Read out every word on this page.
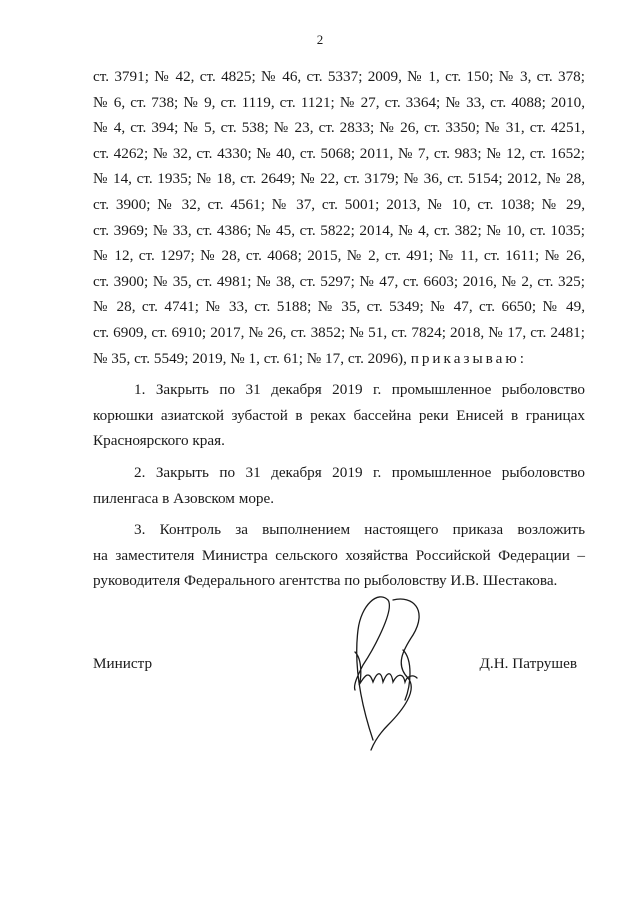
2
ст. 3791; № 42, ст. 4825; № 46, ст. 5337; 2009, № 1, ст. 150; № 3, ст. 378;
№ 6, ст. 738; № 9, ст. 1119, ст. 1121; № 27, ст. 3364; № 33, ст. 4088; 2010,
№ 4, ст. 394; № 5, ст. 538; № 23, ст. 2833; № 26, ст. 3350; № 31, ст. 4251,
ст. 4262; № 32, ст. 4330; № 40, ст. 5068; 2011, № 7, ст. 983; № 12, ст. 1652;
№ 14, ст. 1935; № 18, ст. 2649; № 22, ст. 3179; № 36, ст. 5154; 2012, № 28,
ст. 3900; № 32, ст. 4561; № 37, ст. 5001; 2013, № 10, ст. 1038; № 29,
ст. 3969; № 33, ст. 4386; № 45, ст. 5822; 2014, № 4, ст. 382; № 10, ст. 1035;
№ 12, ст. 1297; № 28, ст. 4068; 2015, № 2, ст. 491; № 11, ст. 1611; № 26,
ст. 3900; № 35, ст. 4981; № 38, ст. 5297; № 47, ст. 6603; 2016, № 2, ст. 325;
№ 28, ст. 4741; № 33, ст. 5188; № 35, ст. 5349; № 47, ст. 6650; № 49,
ст. 6909, ст. 6910; 2017, № 26, ст. 3852; № 51, ст. 7824; 2018, № 17, ст. 2481;
№ 35, ст. 5549; 2019, № 1, ст. 61; № 17, ст. 2096), приказываю:
1. Закрыть по 31 декабря 2019 г. промышленное рыболовство
корюшки азиатской зубастой в реках бассейна реки Енисей в границах
Красноярского края.
2. Закрыть по 31 декабря 2019 г. промышленное рыболовство
пиленгаса в Азовском море.
3. Контроль за выполнением настоящего приказа возложить
на заместителя Министра сельского хозяйства Российской Федерации –
руководителя Федерального агентства по рыболовству И.В. Шестакова.
Министр	Д.Н. Патрушев
